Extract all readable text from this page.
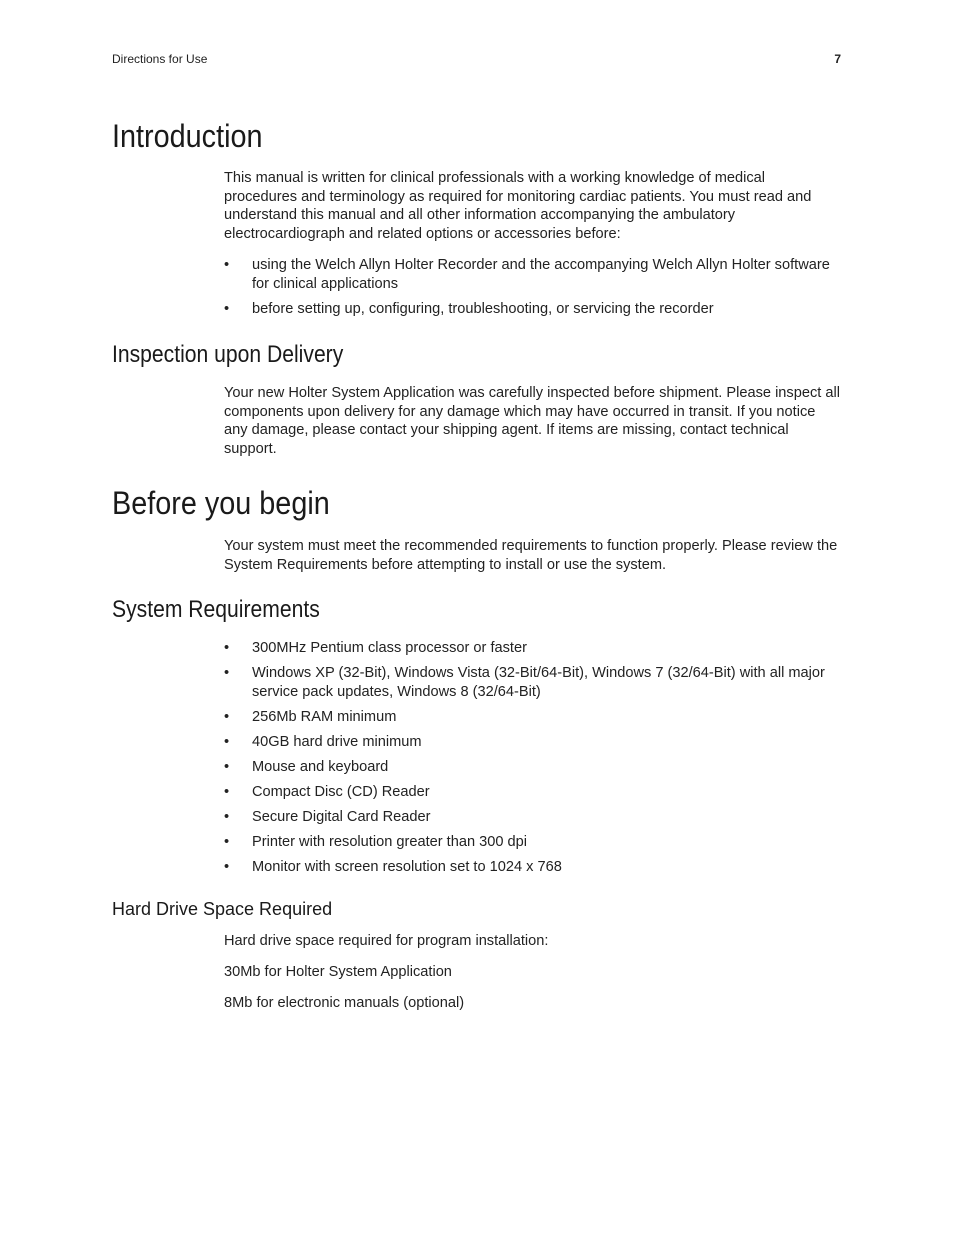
Directions for Use	7
Introduction

This manual is written for clinical professionals with a working knowledge of medical procedures and terminology as required for monitoring cardiac patients. You must read and understand this manual and all other information accompanying the ambulatory electrocardiograph and related options or accessories before:

• using the Welch Allyn Holter Recorder and the accompanying Welch Allyn Holter software for clinical applications
• before setting up, configuring, troubleshooting, or servicing the recorder
Inspection upon Delivery

Your new Holter System Application was carefully inspected before shipment. Please inspect all components upon delivery for any damage which may have occurred in transit. If you notice any damage, please contact your shipping agent. If items are missing, contact technical support.

Before you begin

Your system must meet the recommended requirements to function properly. Please review the System Requirements before attempting to install or use the system.

System Requirements
• 300MHz Pentium class processor or faster
• Windows XP (32-Bit), Windows Vista (32-Bit/64-Bit), Windows 7 (32/64-Bit) with all major service pack updates, Windows 8 (32/64-Bit)
• 256Mb RAM minimum
• 40GB hard drive minimum
• Mouse and keyboard
• Compact Disc (CD) Reader
• Secure Digital Card Reader
• Printer with resolution greater than 300 dpi
• Monitor with screen resolution set to 1024 x 768
Hard Drive Space Required

Hard drive space required for program installation:

30Mb for Holter System Application

8Mb for electronic manuals (optional)
